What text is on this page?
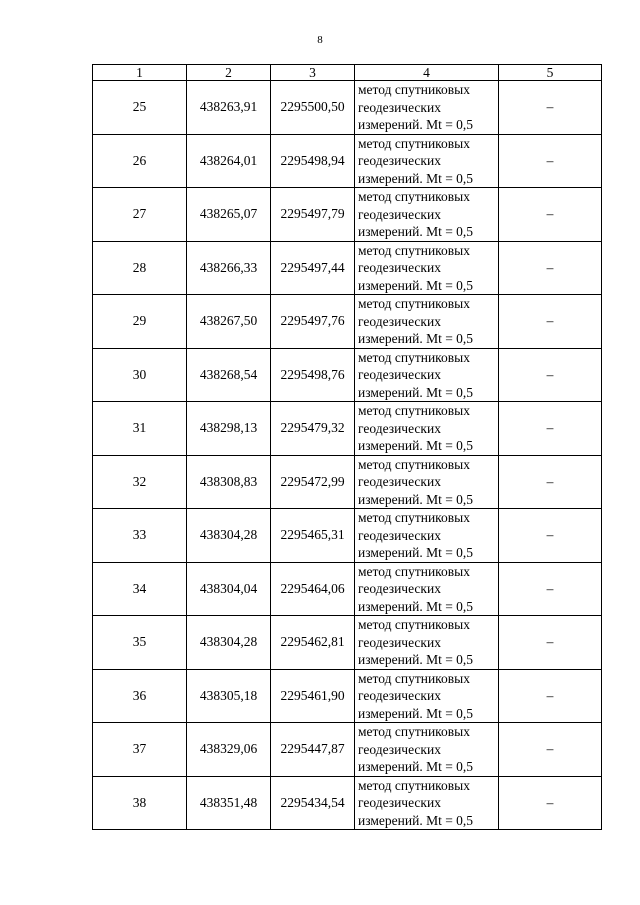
8
1	2	3	4	5
25	438263,91	2295500,50	метод спутниковых
геодезических
измерений. Mt = 0,5	–
26	438264,01	2295498,94	метод спутниковых
геодезических
измерений. Mt = 0,5	–
27	438265,07	2295497,79	метод спутниковых
геодезических
измерений. Mt = 0,5	–
28	438266,33	2295497,44	метод спутниковых
геодезических
измерений. Mt = 0,5	–
29	438267,50	2295497,76	метод спутниковых
геодезических
измерений. Mt = 0,5	–
30	438268,54	2295498,76	метод спутниковых
геодезических
измерений. Mt = 0,5	–
31	438298,13	2295479,32	метод спутниковых
геодезических
измерений. Mt = 0,5	–
32	438308,83	2295472,99	метод спутниковых
геодезических
измерений. Mt = 0,5	–
33	438304,28	2295465,31	метод спутниковых
геодезических
измерений. Mt = 0,5	–
34	438304,04	2295464,06	метод спутниковых
геодезических
измерений. Mt = 0,5	–
35	438304,28	2295462,81	метод спутниковых
геодезических
измерений. Mt = 0,5	–
36	438305,18	2295461,90	метод спутниковых
геодезических
измерений. Mt = 0,5	–
37	438329,06	2295447,87	метод спутниковых
геодезических
измерений. Mt = 0,5	–
38	438351,48	2295434,54	метод спутниковых
геодезических
измерений. Mt = 0,5	–
